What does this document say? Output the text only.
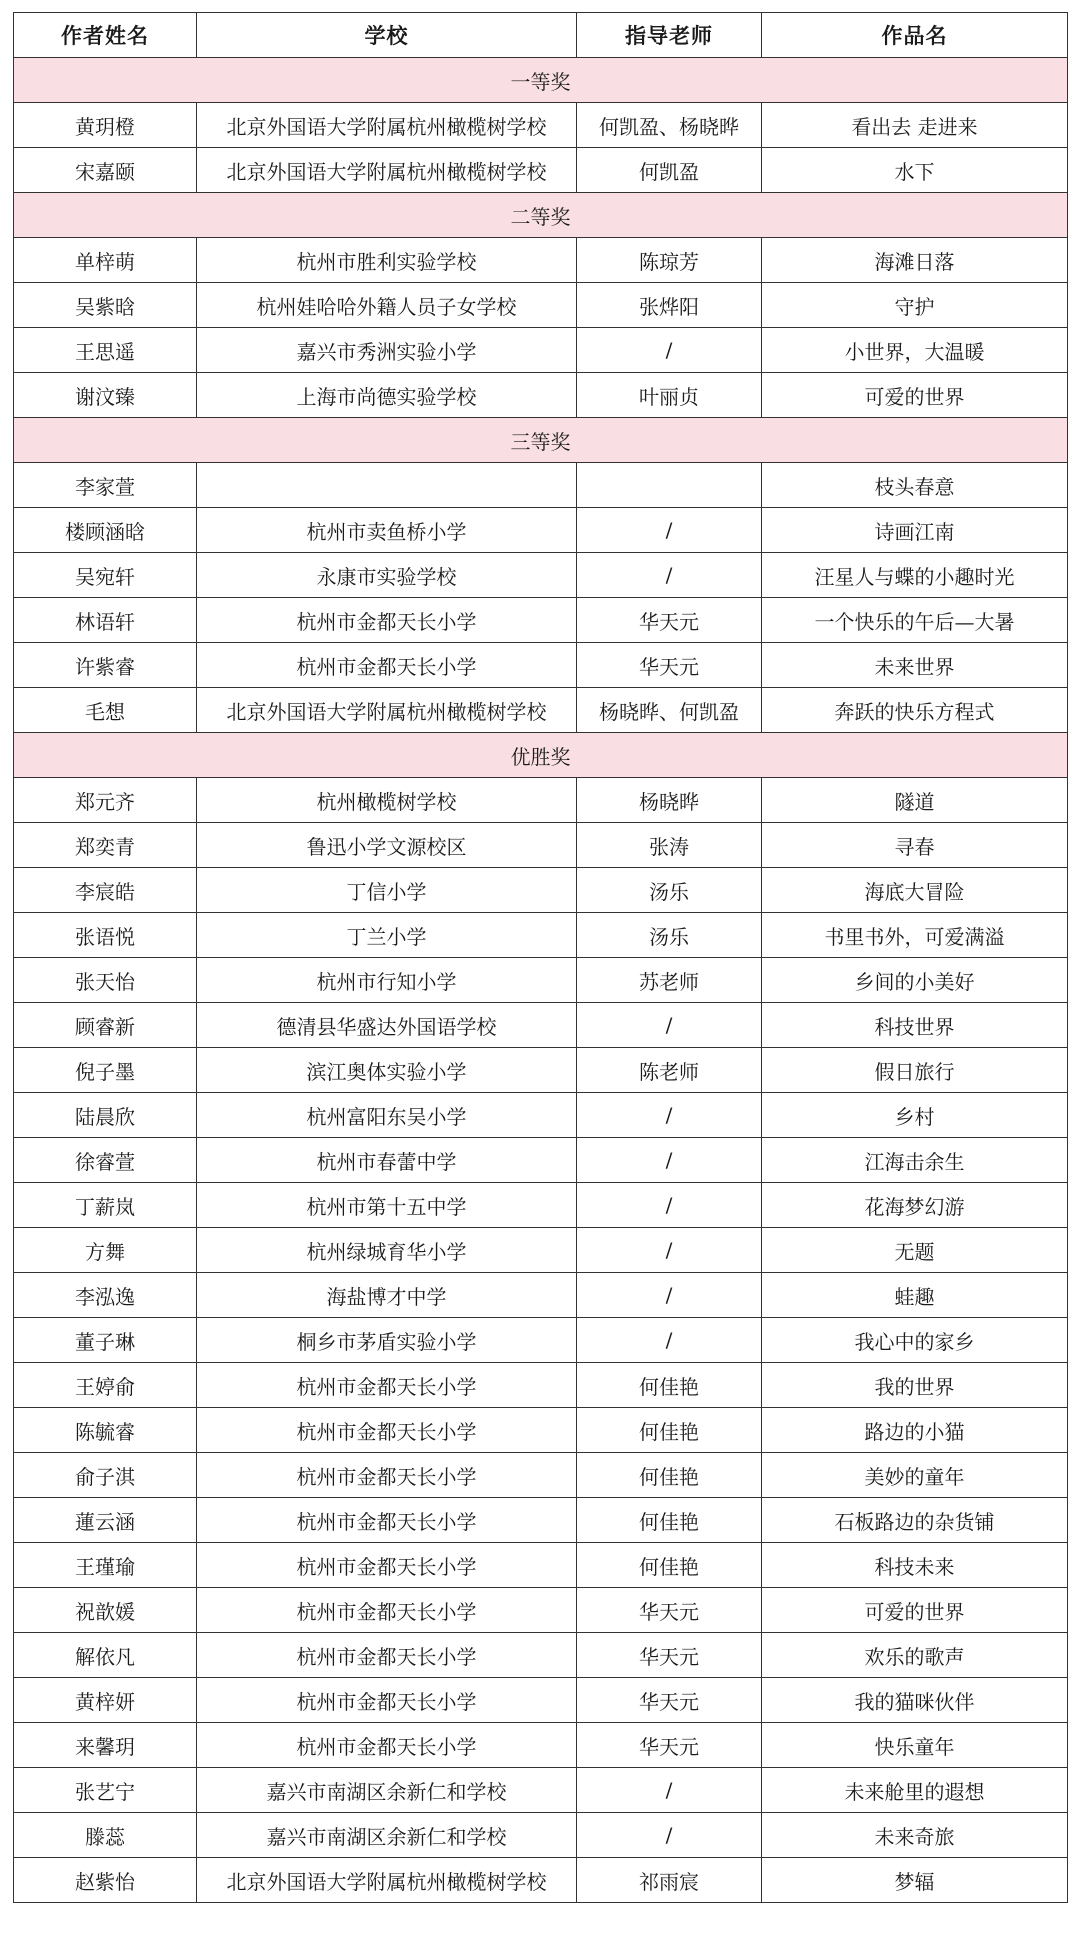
作者姓名	学校	指导老师	作品名
一等奖			
黄玥橙	北京外国语大学附属杭州橄榄树学校	何凯盈、杨晓晔	看出去 走进来
宋嘉颐	北京外国语大学附属杭州橄榄树学校	何凯盈	水下
二等奖			
单梓萌	杭州市胜利实验学校	陈琼芳	海滩日落
吴紫晗	杭州娃哈哈外籍人员子女学校	张烨阳	守护
王思遥	嘉兴市秀洲实验小学	/	小世界，大温暖
谢汶臻	上海市尚德实验学校	叶丽贞	可爱的世界
三等奖			
李家萱			枝头春意
楼顾涵晗	杭州市卖鱼桥小学	/	诗画江南
吴宛轩	永康市实验学校	/	汪星人与蝶的小趣时光
林语轩	杭州市金都天长小学	华天元	一个快乐的午后—大暑
许紫睿	杭州市金都天长小学	华天元	未来世界
毛想	北京外国语大学附属杭州橄榄树学校	杨晓晔、何凯盈	奔跃的快乐方程式
优胜奖			
郑元齐	杭州橄榄树学校	杨晓晔	隧道
郑奕青	鲁迅小学文源校区	张涛	寻春
李宸皓	丁信小学	汤乐	海底大冒险
张语悦	丁兰小学	汤乐	书里书外，可爱满溢
张天怡	杭州市行知小学	苏老师	乡间的小美好
顾睿新	德清县华盛达外国语学校	/	科技世界
倪子墨	滨江奥体实验小学	陈老师	假日旅行
陆晨欣	杭州富阳东吴小学	/	乡村
徐睿萱	杭州市春蕾中学	/	江海击余生
丁薪岚	杭州市第十五中学	/	花海梦幻游
方舞	杭州绿城育华小学	/	无题
李泓逸	海盐博才中学	/	蛙趣
董子琳	桐乡市茅盾实验小学	/	我心中的家乡
王婷俞	杭州市金都天长小学	何佳艳	我的世界
陈毓睿	杭州市金都天长小学	何佳艳	路边的小猫
俞子淇	杭州市金都天长小学	何佳艳	美妙的童年
蓮云涵	杭州市金都天长小学	何佳艳	石板路边的杂货铺
王瑾瑜	杭州市金都天长小学	何佳艳	科技未来
祝歆媛	杭州市金都天长小学	华天元	可爱的世界
解依凡	杭州市金都天长小学	华天元	欢乐的歌声
黄梓妍	杭州市金都天长小学	华天元	我的猫咪伙伴
来馨玥	杭州市金都天长小学	华天元	快乐童年
张艺宁	嘉兴市南湖区余新仁和学校	/	未来舱里的遐想
滕蕊	嘉兴市南湖区余新仁和学校	/	未来奇旅
赵紫怡	北京外国语大学附属杭州橄榄树学校	祁雨宸	梦辐
